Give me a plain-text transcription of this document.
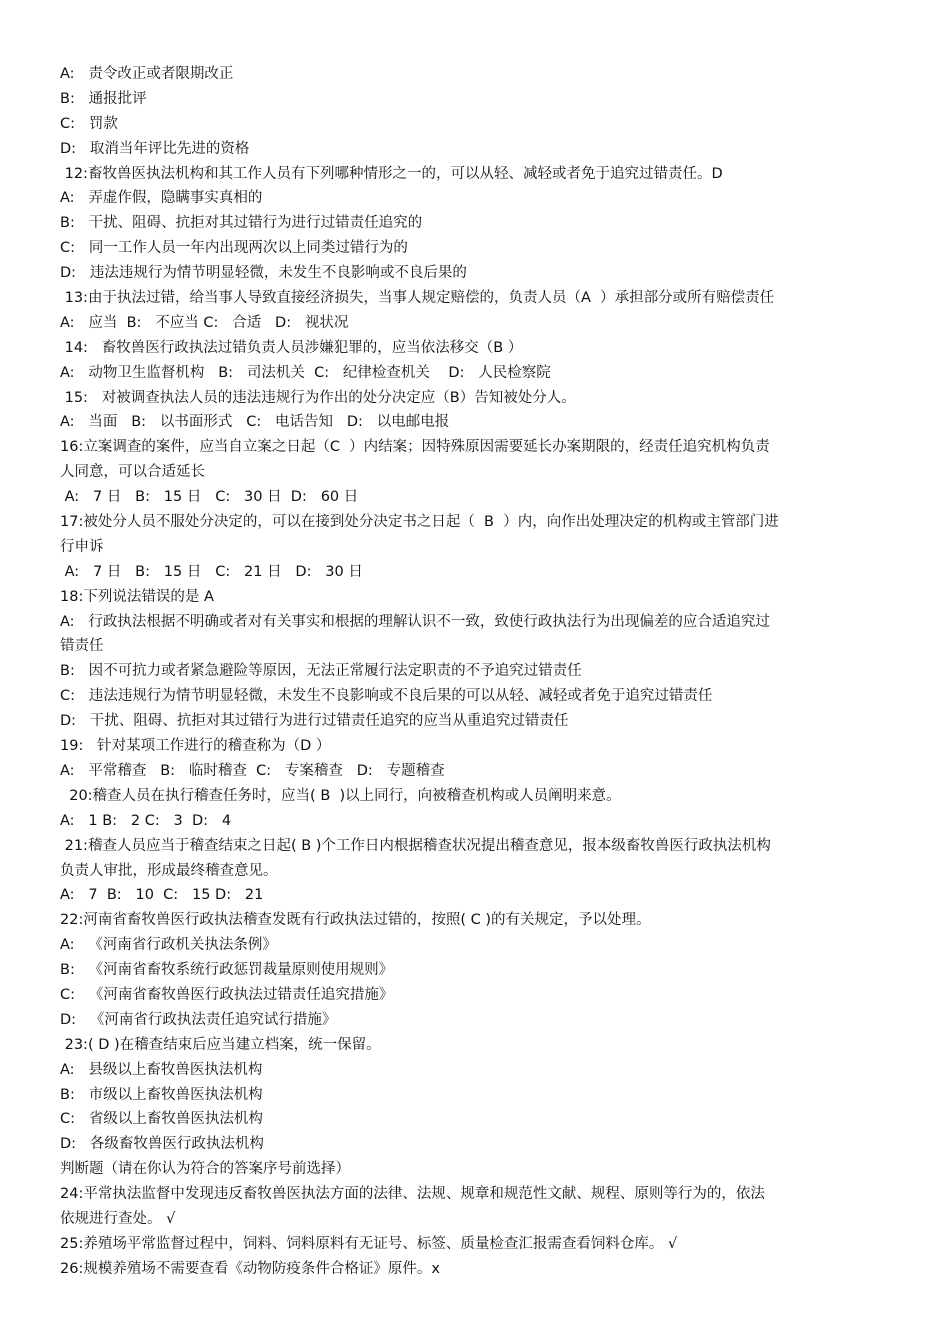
A:   责令改正或者限期改正
B:   通报批评
C:   罚款
D:   取消当年评比先进的资格
12:畜牧兽医执法机构和其工作人员有下列哪种情形之一的，可以从轻、减轻或者免于追究过错责任。D
A:   弄虚作假，隐瞒事实真相的
B:   干扰、阻碍、抗拒对其过错行为进行过错责任追究的
C:   同一工作人员一年内出现两次以上同类过错行为的
D:   违法违规行为情节明显轻微，未发生不良影响或不良后果的
13:由于执法过错，给当事人导致直接经济损失，当事人规定赔偿的，负责人员（A  ）承担部分或所有赔偿责任
A:   应当  B:   不应当 C:   合适   D:   视状况
14:   畜牧兽医行政执法过错负责人员涉嫌犯罪的，应当依法移交（B ）
A:   动物卫生监督机构   B:   司法机关  C:   纪律检查机关    D:   人民检察院
15:   对被调查执法人员的违法违规行为作出的处分决定应（B）告知被处分人。
A:   当面   B:   以书面形式   C:   电话告知   D:   以电邮电报
16:立案调查的案件，应当自立案之日起（C  ）内结案；因特殊原因需要延长办案期限的，经责任追究机构负责
人同意，可以合适延长
A:   7 日   B:   15 日   C:   30 日  D:   60 日
17:被处分人员不服处分决定的，可以在接到处分决定书之日起（  B  ）内，向作出处理决定的机构或主管部门进
行申诉
A:   7 日   B:   15 日   C:   21 日   D:   30 日
18:下列说法错误的是 A
A:   行政执法根据不明确或者对有关事实和根据的理解认识不一致，致使行政执法行为出现偏差的应合适追究过
错责任
B:   因不可抗力或者紧急避险等原因，无法正常履行法定职责的不予追究过错责任
C:   违法违规行为情节明显轻微，未发生不良影响或不良后果的可以从轻、减轻或者免于追究过错责任
D:   干扰、阻碍、抗拒对其过错行为进行过错责任追究的应当从重追究过错责任
19:   针对某项工作进行的稽查称为（D ）
A:   平常稽查   B:   临时稽查  C:   专案稽查   D:   专题稽查
20:稽查人员在执行稽查任务时，应当( B  )以上同行，向被稽查机构或人员阐明来意。
A:   1 B:   2 C:   3  D:   4
21:稽查人员应当于稽查结束之日起( B )个工作日内根据稽查状况提出稽查意见，报本级畜牧兽医行政执法机构
负责人审批，形成最终稽查意见。
A:   7  B:   10  C:   15 D:   21
22:河南省畜牧兽医行政执法稽查发既有行政执法过错的，按照( C )的有关规定，予以处理。
A:   《河南省行政机关执法条例》
B:   《河南省畜牧系统行政惩罚裁量原则使用规则》
C:   《河南省畜牧兽医行政执法过错责任追究措施》
D:   《河南省行政执法责任追究试行措施》
23:( D )在稽查结束后应当建立档案，统一保留。
A:   县级以上畜牧兽医执法机构
B:   市级以上畜牧兽医执法机构
C:   省级以上畜牧兽医执法机构
D:   各级畜牧兽医行政执法机构
判断题（请在你认为符合的答案序号前选择）
24:平常执法监督中发现违反畜牧兽医执法方面的法律、法规、规章和规范性文献、规程、原则等行为的，依法
依规进行查处。 √
25:养殖场平常监督过程中，饲料、饲料原料有无证号、标签、质量检查汇报需查看饲料仓库。 √
26:规模养殖场不需要查看《动物防疫条件合格证》原件。x
